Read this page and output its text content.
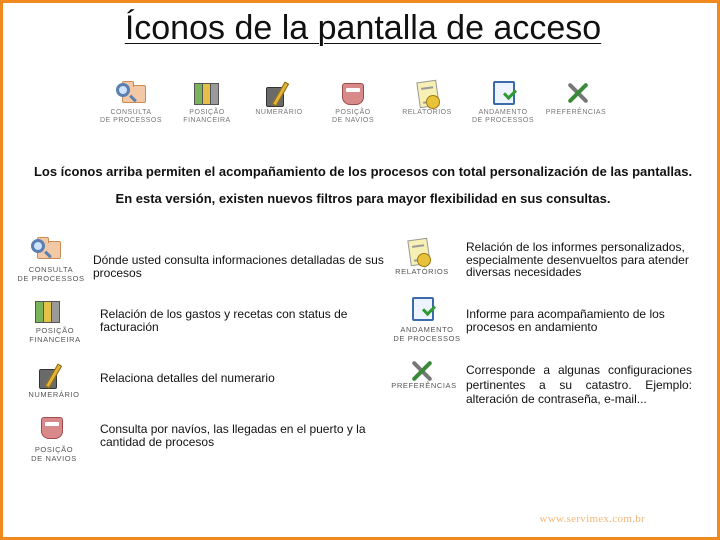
Íconos de la pantalla de acceso
CONSULTA
DE PROCESSOS
POSIÇÃO
FINANCEIRA
NUMERÁRIO	POSIÇÃO
DE NAVIOS
RELATÓRIOS	ANDAMENTO
DE PROCESSOS
PREFERÊNCIAS
Los íconos arriba permiten el acompañamiento de los procesos con total personalización de las pantallas. En esta versión, existen nuevos filtros para mayor flexibilidad en sus consultas.
CONSULTA
DE PROCESSOS
Dónde usted consulta informaciones detalladas de sus procesos
POSIÇÃO
FINANCEIRA
Relación de los gastos y recetas con status de facturación
NUMERÁRIO
Relaciona detalles del numerario
POSIÇÃO
DE NAVIOS
Consulta por navíos, las llegadas en el puerto y la cantidad de procesos
RELATÓRIOS
Relación de los informes personalizados, especialmente desenvueltos para atender diversas necesidades
ANDAMENTO
DE PROCESSOS
Informe para acompañamiento de los procesos en andamiento
PREFERÊNCIAS
Corresponde a algunas configuraciones pertinentes a su catastro. Ejemplo: alteración de contraseña, e-mail...
www.servimex.com.br
